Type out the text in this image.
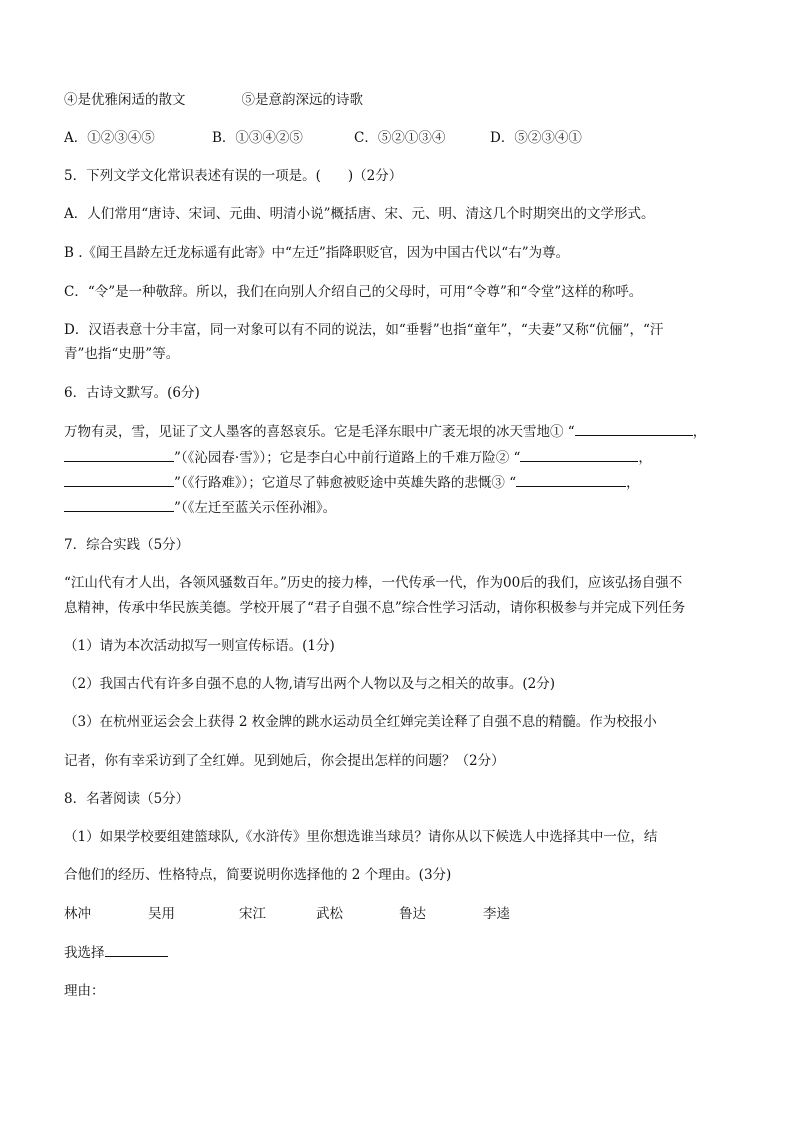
④是优雅闲适的散文	⑤是意韵深远的诗歌
A．①②③④⑤	B．①③④②⑤	C．⑤②①③④	D．⑤②③④①
5．下列文学文化常识表述有误的一项是。(　　)（2分）
A．人们常用“唐诗、宋词、元曲、明清小说”概括唐、宋、元、明、清这几个时期突出的文学形式。
B .《闻王昌龄左迁龙标遥有此寄》中“左迁”指降职贬官，因为中国古代以“右”为尊。
C．“令”是一种敬辞。所以，我们在向别人介绍自己的父母时，可用“令尊”和“令堂”这样的称呼。
D．汉语表意十分丰富，同一对象可以有不同的说法，如“垂髫”也指“童年”，“夫妻”又称“伉俪”，“汗
青”也指“史册”等。
6．古诗文默写。(6分)
万物有灵，雪，见证了文人墨客的喜怒哀乐。它是毛泽东眼中广袤无垠的冰天雪地① “	，
”（《沁园春·雪》）；它是李白心中前行道路上的千难万险② “	，
”（《行路难》）；它道尽了韩愈被贬途中英雄失路的悲慨③ “	，
”（《左迁至蓝关示侄孙湘》。
7．综合实践（5分）
“江山代有才人出，各领风骚数百年。”历史的接力棒，一代传承一代，作为00后的我们，应该弘扬自强不
息精神，传承中华民族美德。学校开展了“君子自强不息”综合性学习活动，请你积极参与并完成下列任务
（1）请为本次活动拟写一则宣传标语。(1分)
（2）我国古代有许多自强不息的人物,请写出两个人物以及与之相关的故事。(2分)
（3）在杭州亚运会会上获得 2 枚金牌的跳水运动员全红婵完美诠释了自强不息的精髓。作为校报小
记者，你有幸采访到了全红婵。见到她后，你会提出怎样的问题？（2分）
8．名著阅读（5分）
（1）如果学校要组建篮球队,《水浒传》里你想选谁当球员？请你从以下候选人中选择其中一位，结
合他们的经历、性格特点，简要说明你选择他的 2 个理由。(3分)
林冲	吴用	宋江	武松	鲁达	李逵
我选择
理由：
